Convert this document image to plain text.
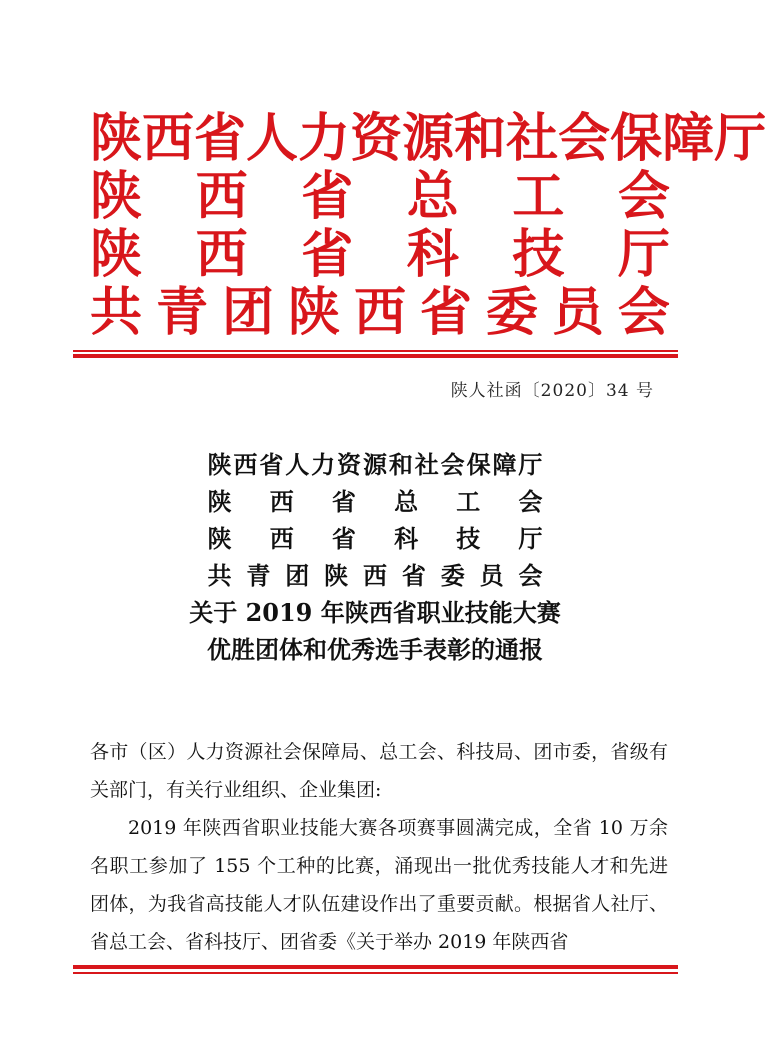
陕 西 省 人 力 资 源 和 社 会 保 障 厅
陕 西 省 总 工 会
陕 西 省 科 技 厅
共 青 团 陕 西 省 委 员 会
陕人社函〔2020〕34 号
陕 西 省 人 力 资 源 和 社 会 保 障 厅
陕 西 省 总 工 会
陕 西 省 科 技 厅
共 青 团 陕 西 省 委 员 会
关于 2019 年陕西省职业技能大赛
优胜团体和优秀选手表彰的通报

各市（区）人力资源社会保障局、总工会、科技局、团市委，省级有关部门，有关行业组织、企业集团:

2019 年陕西省职业技能大赛各项赛事圆满完成，全省 10 万余名职工参加了 155 个工种的比赛，涌现出一批优秀技能人才和先进团体，为我省高技能人才队伍建设作出了重要贡献。根据省人社厅、省总工会、省科技厅、团省委《关于举办 2019 年陕西省
